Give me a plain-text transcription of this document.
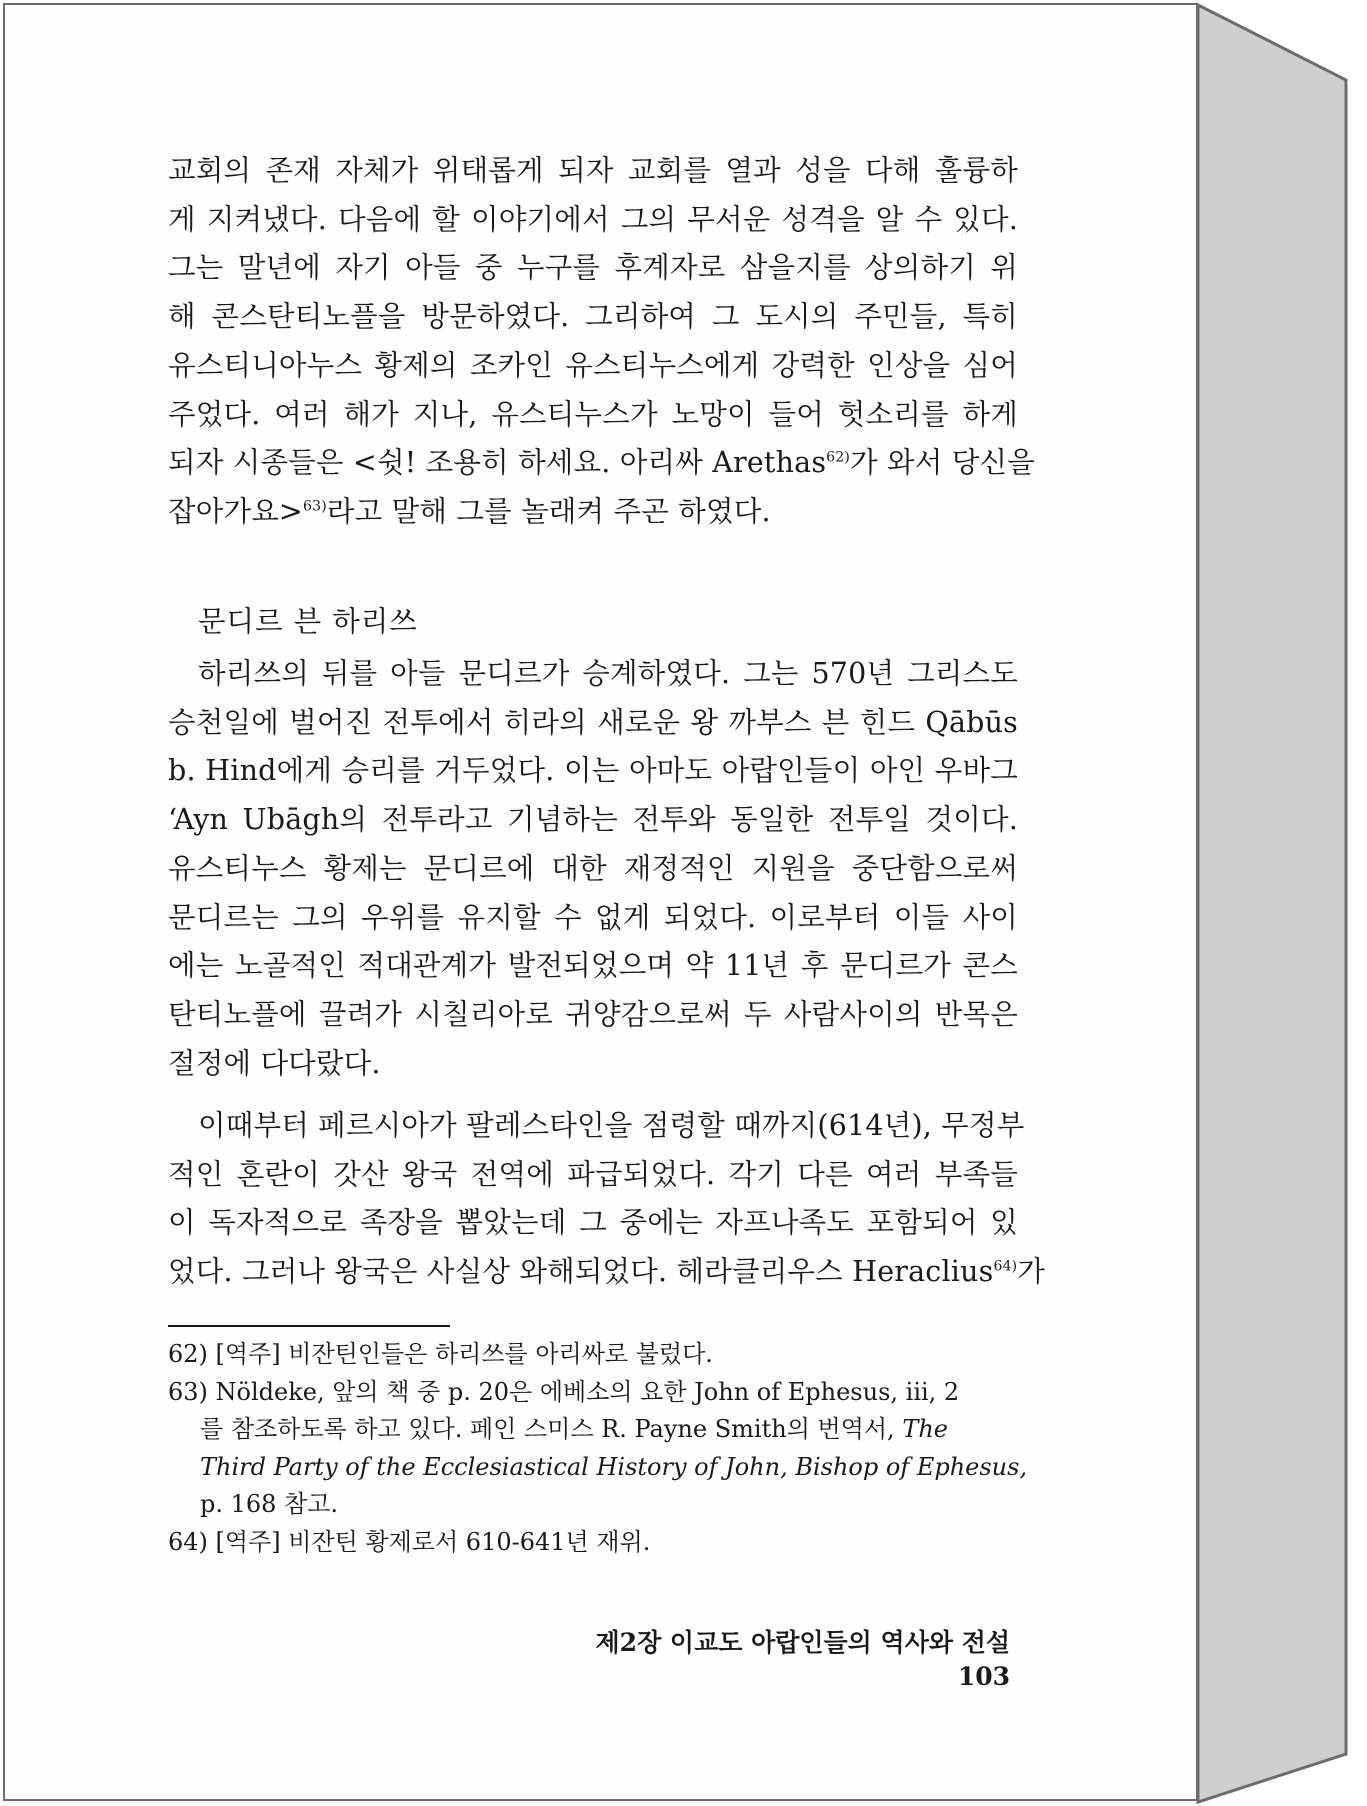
교회의 존재 자체가 위태롭게 되자 교회를 열과 성을 다해 훌륭하
게 지켜냈다. 다음에 할 이야기에서 그의 무서운 성격을 알 수 있다.
그는 말년에 자기 아들 중 누구를 후계자로 삼을지를 상의하기 위
해 콘스탄티노플을 방문하였다. 그리하여 그 도시의 주민들, 특히
유스티니아누스 황제의 조카인 유스티누스에게 강력한 인상을 심어
주었다. 여러 해가 지나, 유스티누스가 노망이 들어 헛소리를 하게
되자 시종들은 <쉿! 조용히 하세요. 아리싸 Arethas$^{62)}$가 와서 당신을
잡아가요>$^{63)}$라고 말해 그를 놀래켜 주곤 하였다.
문디르 븐 하리쓰
하리쓰의 뒤를 아들 문디르가 승계하였다. 그는 570년 그리스도
승천일에 벌어진 전투에서 히라의 새로운 왕 까부스 븐 힌드 Qābūs
b. Hind에게 승리를 거두었다. 이는 아마도 아랍인들이 아인 우바그
‘Ayn Ubāgh의 전투라고 기념하는 전투와 동일한 전투일 것이다.
유스티누스 황제는 문디르에 대한 재정적인 지원을 중단함으로써
문디르는 그의 우위를 유지할 수 없게 되었다. 이로부터 이들 사이
에는 노골적인 적대관계가 발전되었으며 약 11년 후 문디르가 콘스
탄티노플에 끌려가 시칠리아로 귀양감으로써 두 사람사이의 반목은
절정에 다다랐다.
이때부터 페르시아가 팔레스타인을 점령할 때까지(614년), 무정부
적인 혼란이 갓산 왕국 전역에 파급되었다. 각기 다른 여러 부족들
이 독자적으로 족장을 뽑았는데 그 중에는 자프나족도 포함되어 있
었다. 그러나 왕국은 사실상 와해되었다. 헤라클리우스 Heraclius$^{64)}$가
62) [역주] 비잔틴인들은 하리쓰를 아리싸로 불렀다.
63) Nöldeke, 앞의 책 중 p. 20은 에베소의 요한 John of Ephesus, iii, 2
를 참조하도록 하고 있다. 페인 스미스 R. Payne Smith의 번역서, The
Third Party of the Ecclesiastical History of John, Bishop of Ephesus,
p. 168 참고.
64) [역주] 비잔틴 황제로서 610-641년 재위.
제2장 이교도 아랍인들의 역사와 전설 103
